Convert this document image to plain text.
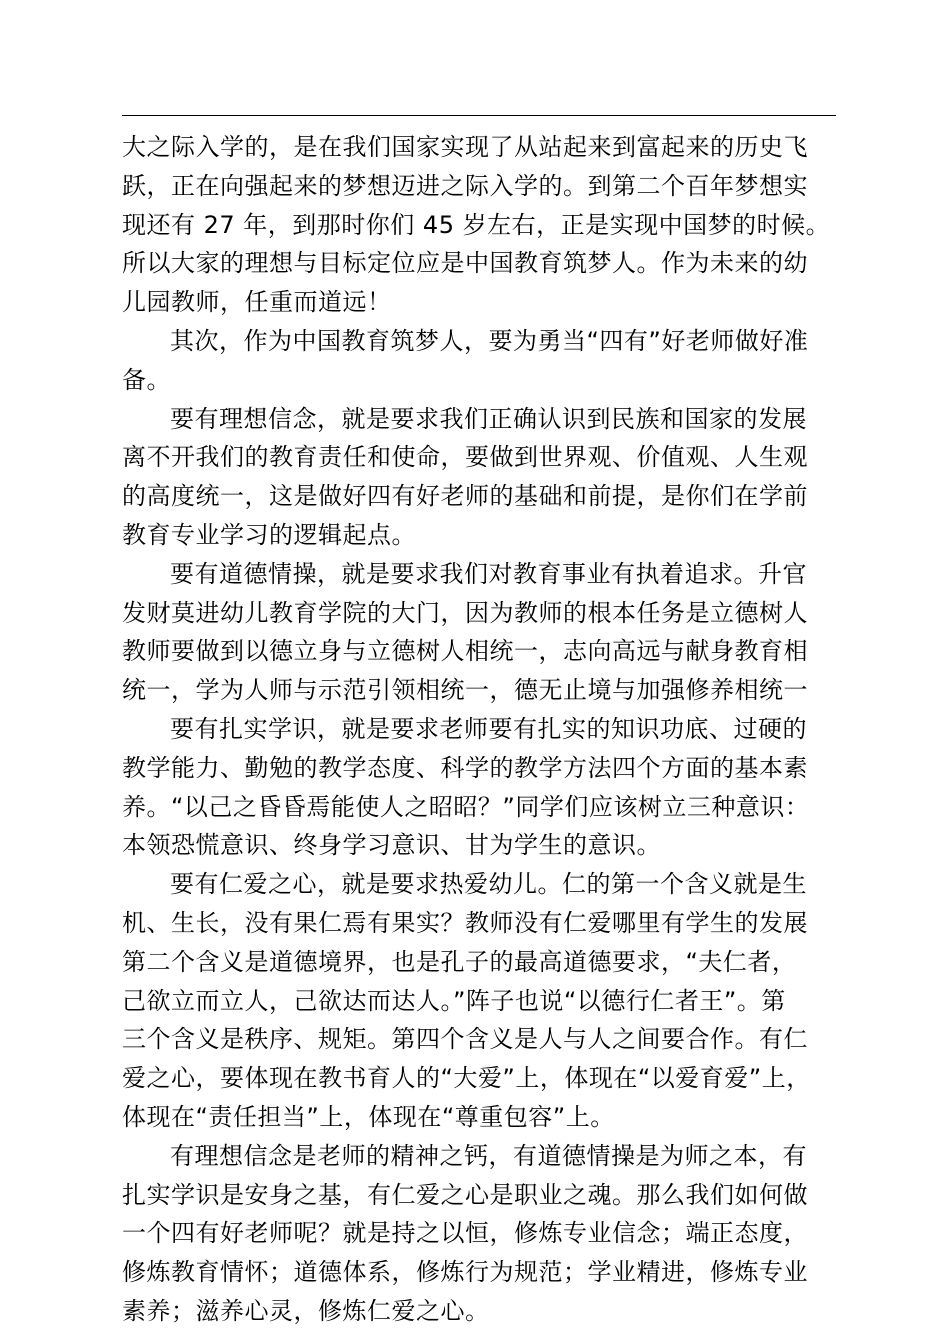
大之际入学的，是在我们国家实现了从站起来到富起来的历史飞
跃，正在向强起来的梦想迈进之际入学的。到第二个百年梦想实
现还有 27 年，到那时你们 45 岁左右，正是实现中国梦的时候。
所以大家的理想与目标定位应是中国教育筑梦人。作为未来的幼
儿园教师，任重而道远！
其次，作为中国教育筑梦人，要为勇当“四有”好老师做好准
备。
要有理想信念，就是要求我们正确认识到民族和国家的发展
离不开我们的教育责任和使命，要做到世界观、价值观、人生观
的高度统一，这是做好四有好老师的基础和前提，是你们在学前
教育专业学习的逻辑起点。
要有道德情操，就是要求我们对教育事业有执着追求。升官
发财莫进幼儿教育学院的大门，因为教师的根本任务是立德树人
教师要做到以德立身与立德树人相统一，志向高远与献身教育相
统一，学为人师与示范引领相统一，德无止境与加强修养相统一
要有扎实学识，就是要求老师要有扎实的知识功底、过硬的
教学能力、勤勉的教学态度、科学的教学方法四个方面的基本素
养。“以己之昏昏焉能使人之昭昭？”同学们应该树立三种意识：
本领恐慌意识、终身学习意识、甘为学生的意识。
要有仁爱之心，就是要求热爱幼儿。仁的第一个含义就是生
机、生长，没有果仁焉有果实？教师没有仁爱哪里有学生的发展
第二个含义是道德境界，也是孔子的最高道德要求，“夫仁者，
己欲立而立人，己欲达而达人。”阵子也说“以德行仁者王”。第
三个含义是秩序、规矩。第四个含义是人与人之间要合作。有仁
爱之心，要体现在教书育人的“大爱”上，体现在“以爱育爱”上，
体现在“责任担当”上，体现在“尊重包容”上。
有理想信念是老师的精神之钙，有道德情操是为师之本，有
扎实学识是安身之基，有仁爱之心是职业之魂。那么我们如何做
一个四有好老师呢？就是持之以恒，修炼专业信念；端正态度，
修炼教育情怀；道德体系，修炼行为规范；学业精进，修炼专业
素养；滋养心灵，修炼仁爱之心。
